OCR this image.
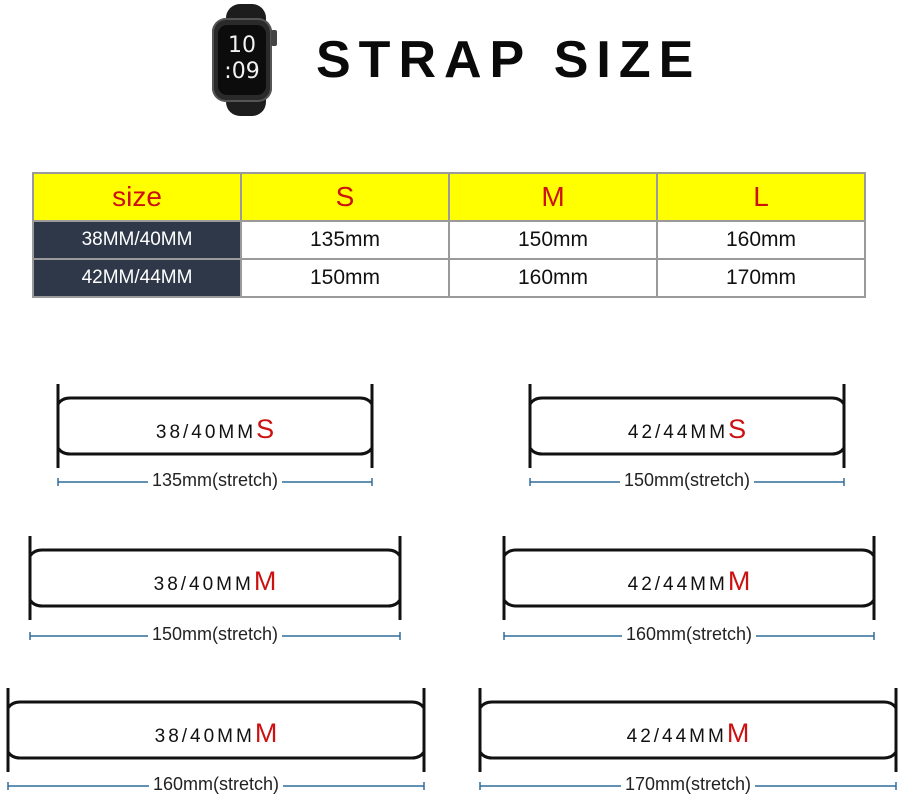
10
:09 STRAP SIZE
size	S	M	L
38MM/40MM	135mm	150mm	160mm
42MM/44MM	150mm	160mm	170mm
38/40MMS
135mm(stretch)
42/44MMS
150mm(stretch)
38/40MMM
150mm(stretch)
42/44MMM
160mm(stretch)
38/40MMM
160mm(stretch)
42/44MMM
170mm(stretch)
